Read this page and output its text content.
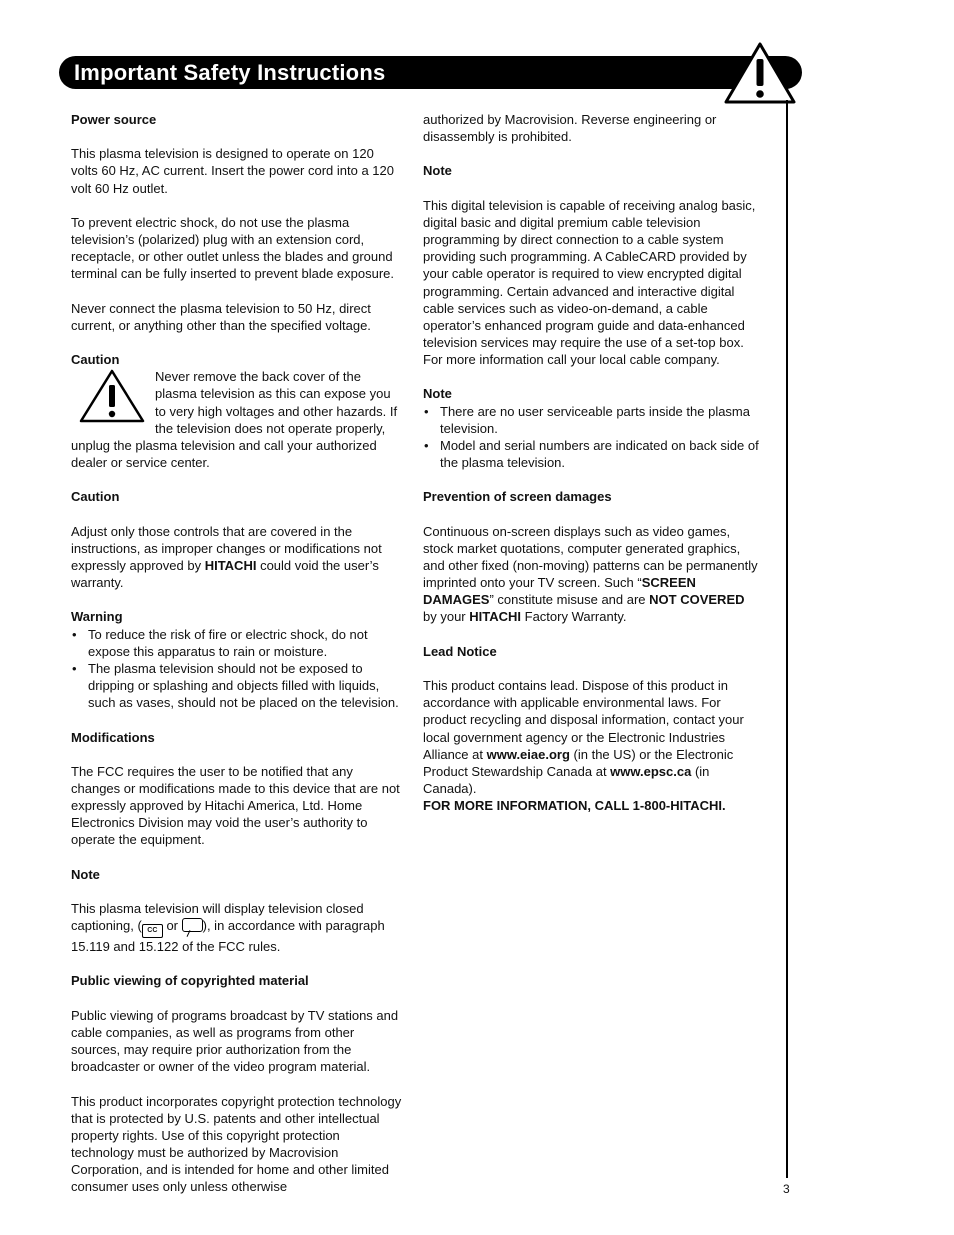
Important Safety Instructions

Power source

This plasma television is designed to operate on 120 volts 60 Hz, AC current. Insert the power cord into a 120 volt 60 Hz outlet.

To prevent electric shock, do not use the plasma television’s (polarized) plug with an extension cord, receptacle, or other outlet unless the blades and ground terminal can be fully inserted to prevent blade exposure.

Never connect the plasma television to 50 Hz, direct current, or anything other than the specified voltage.

Caution

Never remove the back cover of the plasma television as this can expose you to very high voltages and other hazards. If the television does not operate properly, unplug the plasma television and call your authorized dealer or service center.

Caution

Adjust only those controls that are covered in the instructions, as improper changes or modifications not expressly approved by HITACHI could void the user’s warranty.

Warning

• To reduce the risk of fire or electric shock, do not expose this apparatus to rain or moisture.
• The plasma television should not be exposed to dripping or splashing and objects filled with liquids, such as vases, should not be placed on the television.

Modifications

The FCC requires the user to be notified that any changes or modifications made to this device that are not expressly approved by Hitachi America, Ltd. Home Electronics Division may void the user’s authority to operate the equipment.

Note

This plasma television will display television closed captioning, ( CC or ), in accordance with paragraph 15.119 and 15.122 of the FCC rules.

Public viewing of copyrighted material

Public viewing of programs broadcast by TV stations and cable companies, as well as programs from other sources, may require prior authorization from the broadcaster or owner of the video program material.

This product incorporates copyright protection technology that is protected by U.S. patents and other intellectual property rights. Use of this copyright protection technology must be authorized by Macrovision Corporation, and is intended for home and other limited consumer uses only unless otherwise

authorized by Macrovision. Reverse engineering or disassembly is prohibited.

Note

This digital television is capable of receiving analog basic, digital basic and digital premium cable television programming by direct connection to a cable system providing such programming. A CableCARD provided by your cable operator is required to view encrypted digital programming. Certain advanced and interactive digital cable services such as video-on-demand, a cable operator’s enhanced program guide and data-enhanced television services may require the use of a set-top box. For more information call your local cable company.

Note

• There are no user serviceable parts inside the plasma television.
• Model and serial numbers are indicated on back side of the plasma television.

Prevention of screen damages

Continuous on-screen displays such as video games, stock market quotations, computer generated graphics, and other fixed (non-moving) patterns can be permanently imprinted onto your TV screen. Such “SCREEN DAMAGES” constitute misuse and are NOT COVERED by your HITACHI Factory Warranty.

Lead Notice

This product contains lead. Dispose of this product in accordance with applicable environmental laws. For product recycling and disposal information, contact your local government agency or the Electronic Industries Alliance at www.eiae.org (in the US) or the Electronic Product Stewardship Canada at www.epsc.ca (in Canada).

FOR MORE INFORMATION, CALL 1-800-HITACHI.

3
